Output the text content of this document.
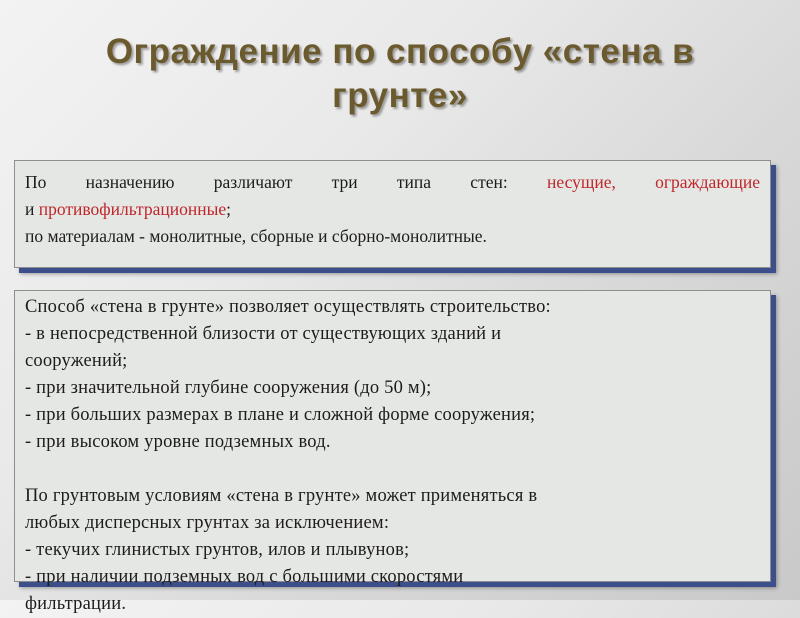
Ограждение по способу «стена в
грунте»
По назначению различают три типа стен: несущие, ограждающие
и противофильтрационные;
по материалам - монолитные, сборные и сборно-монолитные.
Способ «стена в грунте» позволяет осуществлять строительство:
- в непосредственной близости от существующих зданий и
сооружений;
- при значительной глубине сооружения (до 50 м);
- при больших размерах в плане и сложной форме сооружения;
- при высоком уровне подземных вод.
По грунтовым условиям «стена в грунте» может применяться в
любых дисперсных грунтах за исключением:
- текучих глинистых грунтов, илов и плывунов;
- при наличии подземных вод с большими скоростями
фильтрации.
